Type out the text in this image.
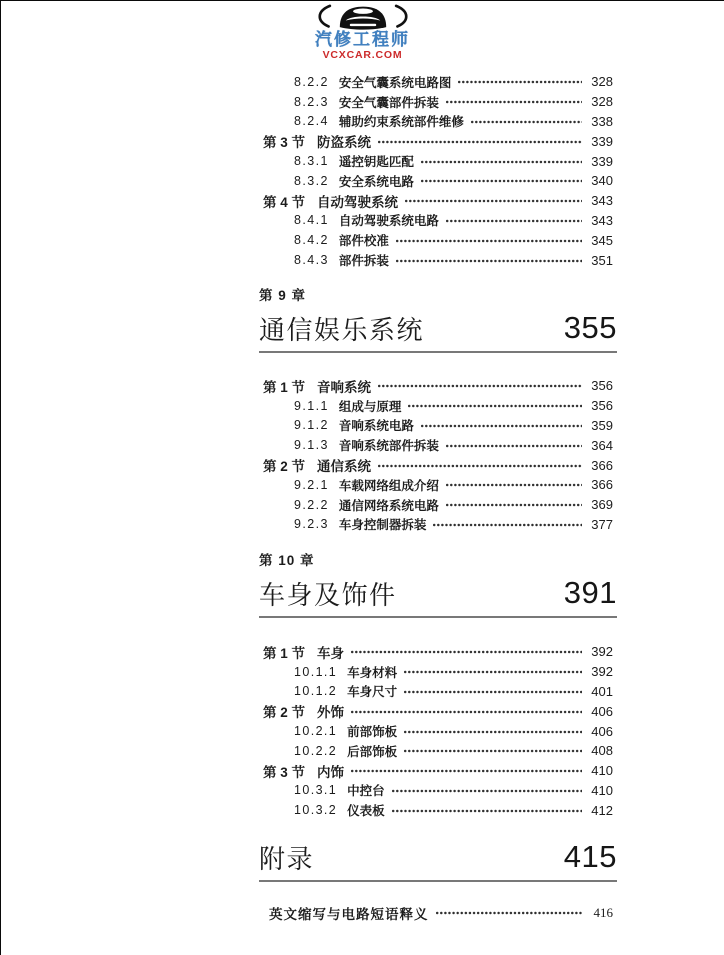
汽修工程师
VCXCAR.COM
8.2.2 安全气囊系统电路图	328
8.2.3 安全气囊部件拆装	328
8.2.4 辅助约束系统部件维修	338
第 3 节 防盗系统	339
8.3.1 遥控钥匙匹配	339
8.3.2 安全系统电路	340
第 4 节 自动驾驶系统	343
8.4.1 自动驾驶系统电路	343
8.4.2 部件校准	345
8.4.3 部件拆装	351
第 9 章
通信娱乐系统	355
第 1 节 音响系统	356
9.1.1 组成与原理	356
9.1.2 音响系统电路	359
9.1.3 音响系统部件拆装	364
第 2 节 通信系统	366
9.2.1 车载网络组成介绍	366
9.2.2 通信网络系统电路	369
9.2.3 车身控制器拆装	377
第 10 章
车身及饰件	391
第 1 节 车身	392
10.1.1 车身材料	392
10.1.2 车身尺寸	401
第 2 节 外饰	406
10.2.1 前部饰板	406
10.2.2 后部饰板	408
第 3 节 内饰	410
10.3.1 中控台	410
10.3.2 仪表板	412
附录	415
英文缩写与电路短语释义	416
